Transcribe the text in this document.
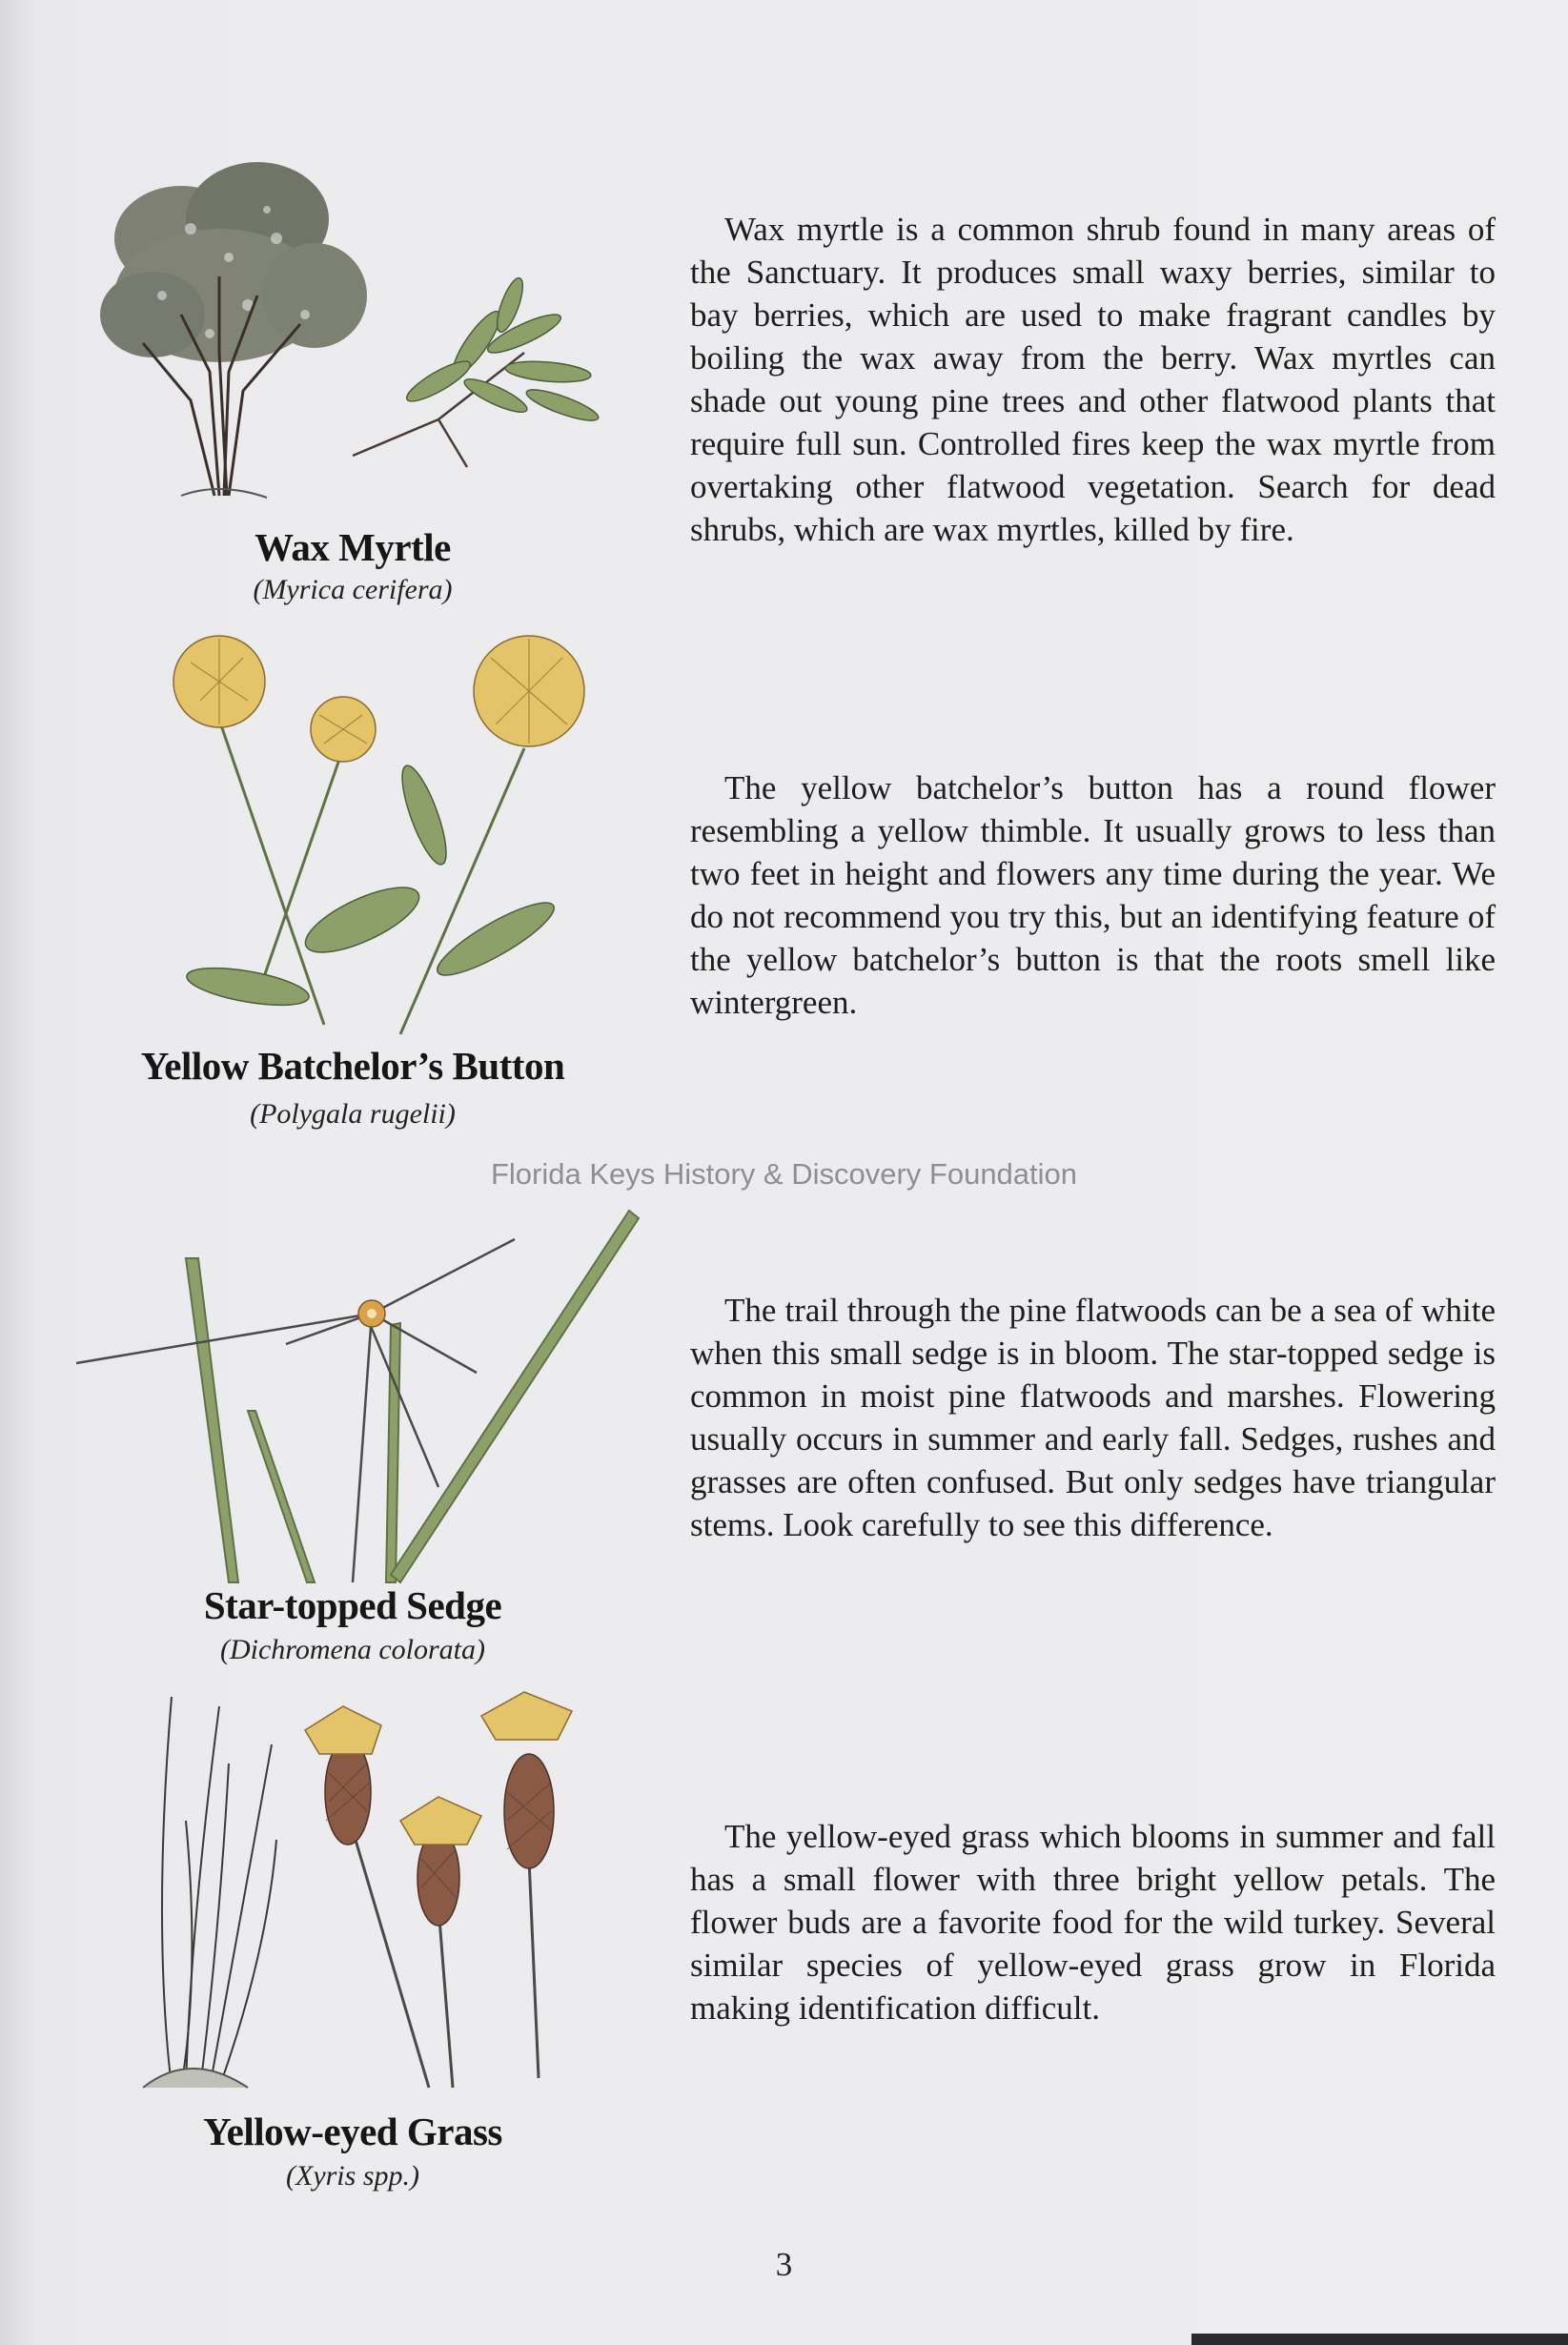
Wax Myrtle
(Myrica cerifera)
Wax myrtle is a common shrub found in many areas of the Sanctuary. It produces small waxy berries, similar to bay berries, which are used to make fragrant candles by boiling the wax away from the berry. Wax myrtles can shade out young pine trees and other flatwood plants that require full sun. Controlled fires keep the wax myrtle from overtaking other flatwood vegetation. Search for dead shrubs, which are wax myrtles, killed by fire.
Yellow Batchelor’s Button
(Polygala rugelii)
The yellow batchelor’s button has a round flower resembling a yellow thimble. It usually grows to less than two feet in height and flowers any time during the year. We do not recommend you try this, but an identifying feature of the yellow batchelor’s button is that the roots smell like wintergreen.
Florida Keys History & Discovery Foundation
Star-topped Sedge
(Dichromena colorata)
The trail through the pine flatwoods can be a sea of white when this small sedge is in bloom. The star-topped sedge is common in moist pine flatwoods and marshes. Flowering usually occurs in summer and early fall. Sedges, rushes and grasses are often confused. But only sedges have triangular stems. Look carefully to see this difference.
Yellow-eyed Grass
(Xyris spp.)
The yellow-eyed grass which blooms in summer and fall has a small flower with three bright yellow petals. The flower buds are a favorite food for the wild turkey. Several similar species of yellow-eyed grass grow in Florida making identification difficult.
3
